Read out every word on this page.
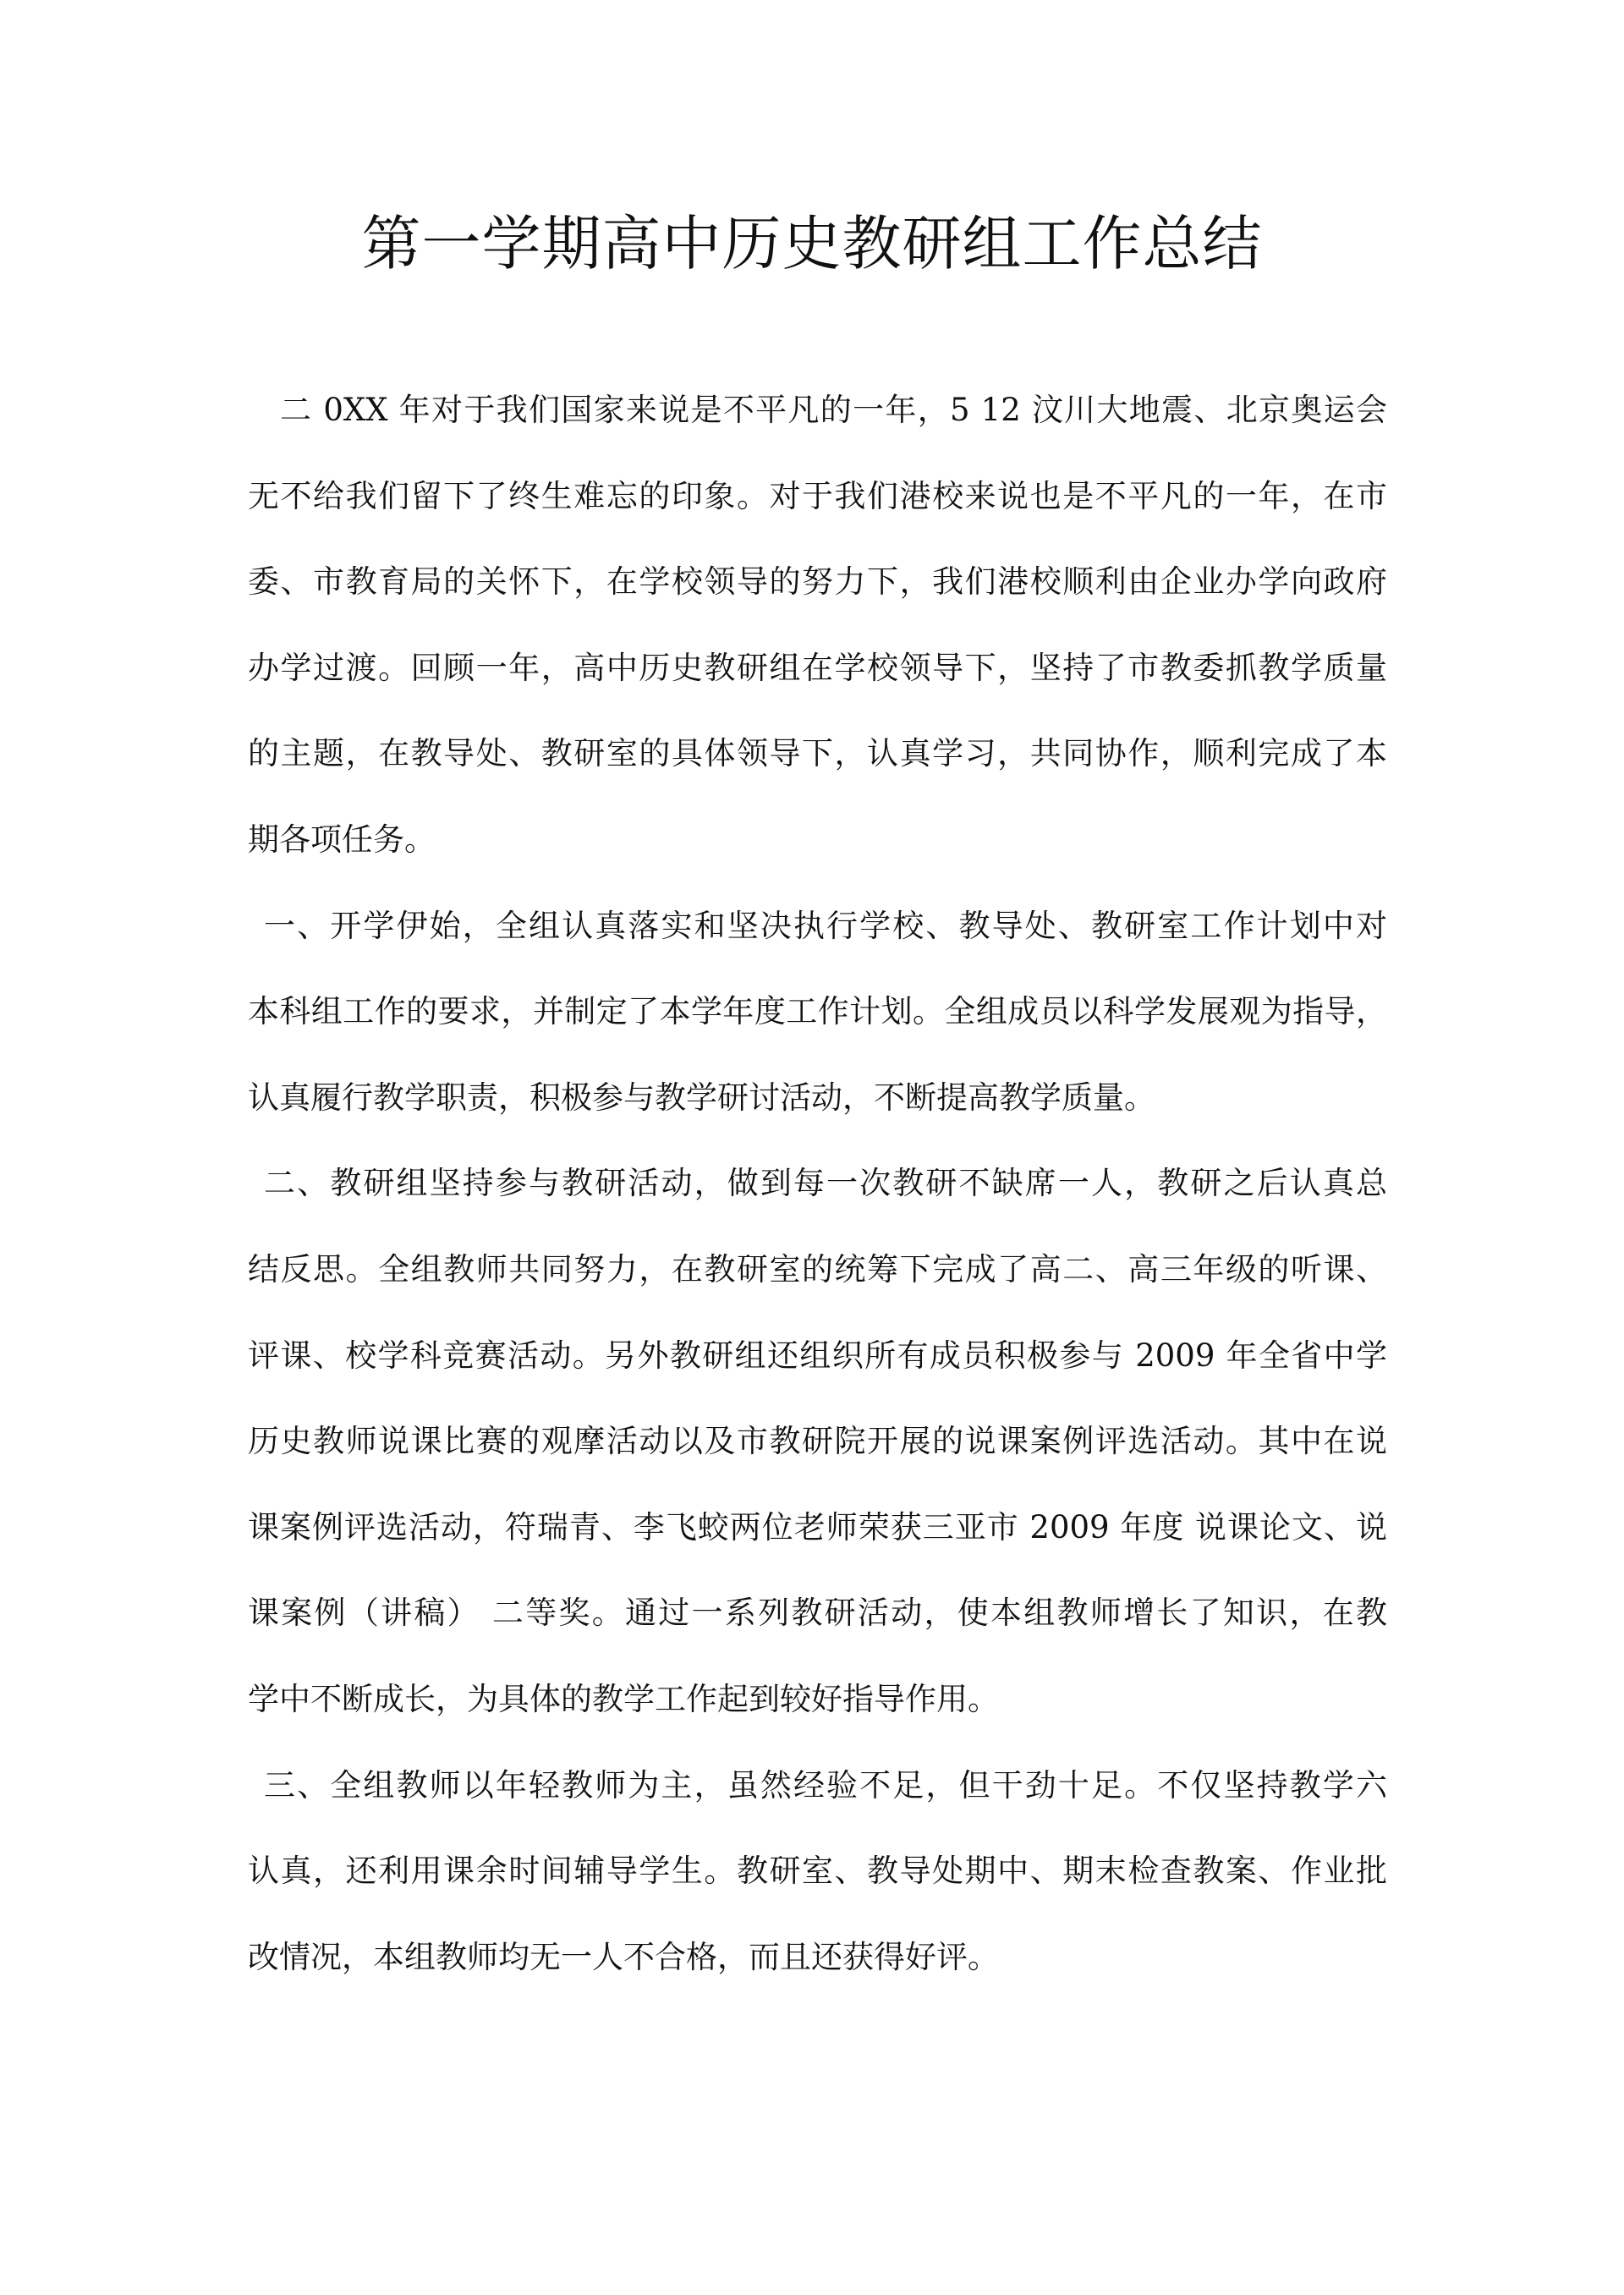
第一学期高中历史教研组工作总结
二 0XX 年对于我们国家来说是不平凡的一年，5 12 汶川大地震、北京奥运会
无不给我们留下了终生难忘的印象。对于我们港校来说也是不平凡的一年，在市
委、市教育局的关怀下，在学校领导的努力下，我们港校顺利由企业办学向政府
办学过渡。回顾一年，高中历史教研组在学校领导下，坚持了市教委抓教学质量
的主题，在教导处、教研室的具体领导下，认真学习，共同协作，顺利完成了本
期各项任务。
一、开学伊始，全组认真落实和坚决执行学校、教导处、教研室工作计划中对
本科组工作的要求，并制定了本学年度工作计划。全组成员以科学发展观为指导，
认真履行教学职责，积极参与教学研讨活动，不断提高教学质量。
二、教研组坚持参与教研活动，做到每一次教研不缺席一人，教研之后认真总
结反思。全组教师共同努力，在教研室的统筹下完成了高二、高三年级的听课、
评课、校学科竞赛活动。另外教研组还组织所有成员积极参与 2009 年全省中学
历史教师说课比赛的观摩活动以及市教研院开展的说课案例评选活动。其中在说
课案例评选活动，符瑞青、李飞蛟两位老师荣获三亚市 2009 年度 说课论文、说
课案例（讲稿） 二等奖。通过一系列教研活动，使本组教师增长了知识，在教
学中不断成长，为具体的教学工作起到较好指导作用。
三、全组教师以年轻教师为主，虽然经验不足，但干劲十足。不仅坚持教学六
认真，还利用课余时间辅导学生。教研室、教导处期中、期末检查教案、作业批
改情况，本组教师均无一人不合格，而且还获得好评。
